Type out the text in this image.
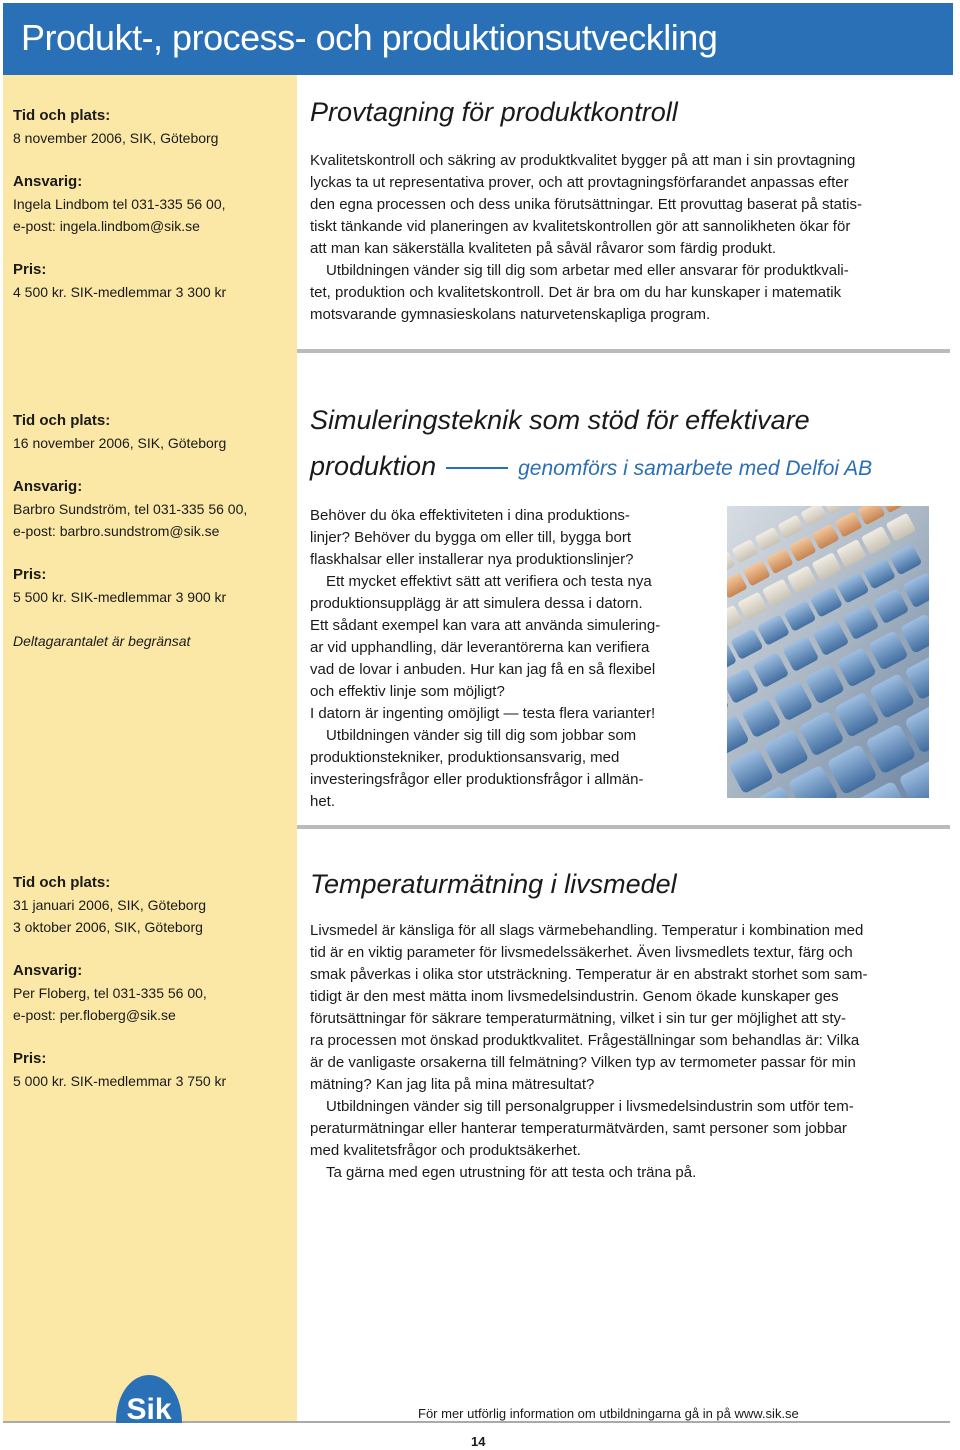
Produkt-, process- och produktionsutveckling
Tid och plats:
8 november 2006, SIK, Göteborg
Ansvarig:
Ingela Lindbom tel 031-335 56 00,
e-post: ingela.lindbom@sik.se
Pris:
4 500 kr. SIK-medlemmar 3 300 kr
Provtagning för produktkontroll
Kvalitetskontroll och säkring av produktkvalitet bygger på att man i sin provtagning
lyckas ta ut representativa prover, och att provtagningsförfarandet anpassas efter
den egna processen och dess unika förutsättningar. Ett provuttag baserat på statis-
tiskt tänkande vid planeringen av kvalitetskontrollen gör att sannolikheten ökar för
att man kan säkerställa kvaliteten på såväl råvaror som färdig produkt.
Utbildningen vänder sig till dig som arbetar med eller ansvarar för produktkvali-
tet, produktion och kvalitetskontroll. Det är bra om du har kunskaper i matematik
motsvarande gymnasieskolans naturvetenskapliga program.
Tid och plats:
16 november 2006, SIK, Göteborg
Ansvarig:
Barbro Sundström, tel 031-335 56 00,
e-post: barbro.sundstrom@sik.se
Pris:
5 500 kr. SIK-medlemmar 3 900 kr
Deltagarantalet är begränsat
Simuleringsteknik som stöd för effektivare
produktion	genomförs i samarbete med Delfoi AB
Behöver du öka effektiviteten i dina produktions-
linjer? Behöver du bygga om eller till, bygga bort
flaskhalsar eller installerar nya produktionslinjer?
Ett mycket effektivt sätt att verifiera och testa nya
produktionsupplägg är att simulera dessa i datorn.
Ett sådant exempel kan vara att använda simulering-
ar vid upphandling, där leverantörerna kan verifiera
vad de lovar i anbuden. Hur kan jag få en så flexibel
och effektiv linje som möjligt?
I datorn är ingenting omöjligt — testa flera varianter!
Utbildningen vänder sig till dig som jobbar som
produktionstekniker, produktionsansvarig, med
investeringsfrågor eller produktionsfrågor i allmän-
het.
Tid och plats:
31 januari 2006, SIK, Göteborg
3 oktober 2006, SIK, Göteborg
Ansvarig:
Per Floberg, tel 031-335 56 00,
e-post: per.floberg@sik.se
Pris:
5 000 kr. SIK-medlemmar 3 750 kr
Temperaturmätning i livsmedel
Livsmedel är känsliga för all slags värmebehandling. Temperatur i kombination med
tid är en viktig parameter för livsmedelssäkerhet. Även livsmedlets textur, färg och
smak påverkas i olika stor utsträckning. Temperatur är en abstrakt storhet som sam-
tidigt är den mest mätta inom livsmedelsindustrin. Genom ökade kunskaper ges
förutsättningar för säkrare temperaturmätning, vilket i sin tur ger möjlighet att sty-
ra processen mot önskad produktkvalitet. Frågeställningar som behandlas är: Vilka
är de vanligaste orsakerna till felmätning? Vilken typ av termometer passar för min
mätning? Kan jag lita på mina mätresultat?
Utbildningen vänder sig till personalgrupper i livsmedelsindustrin som utför tem-
peraturmätningar eller hanterar temperaturmätvärden, samt personer som jobbar
med kvalitetsfrågor och produktsäkerhet.
Ta gärna med egen utrustning för att testa och träna på.
Sik	För mer utförlig information om utbildningarna gå in på www.sik.se
14
